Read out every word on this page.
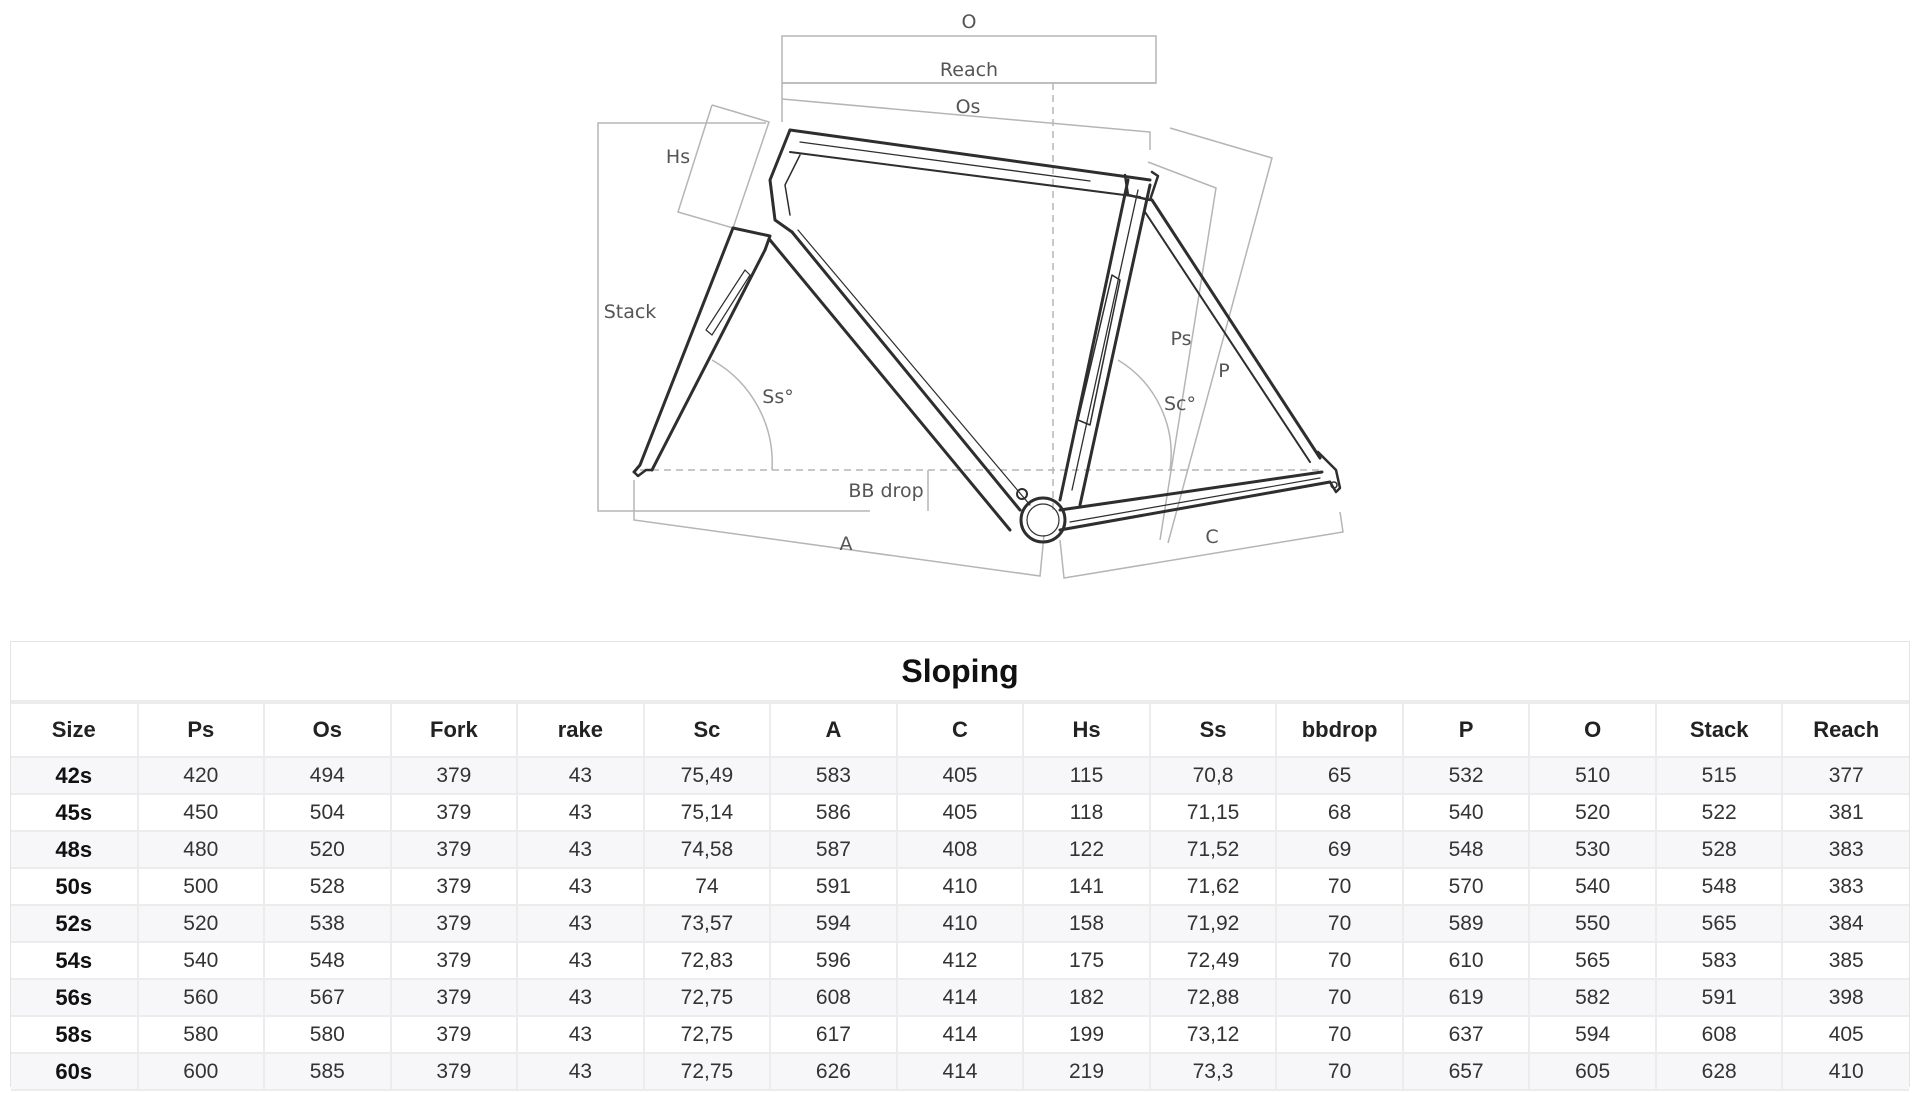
O
Reach
Os
Hs
Stack
Ss°
Ps
P
Sc°
BB drop
A	C
Sloping														
Size	Ps	Os	Fork	rake	Sc	A	C	Hs	Ss	bbdrop	P	O	Stack	Reach
42s	420	494	379	43	75,49	583	405	115	70,8	65	532	510	515	377
45s	450	504	379	43	75,14	586	405	118	71,15	68	540	520	522	381
48s	480	520	379	43	74,58	587	408	122	71,52	69	548	530	528	383
50s	500	528	379	43	74	591	410	141	71,62	70	570	540	548	383
52s	520	538	379	43	73,57	594	410	158	71,92	70	589	550	565	384
54s	540	548	379	43	72,83	596	412	175	72,49	70	610	565	583	385
56s	560	567	379	43	72,75	608	414	182	72,88	70	619	582	591	398
58s	580	580	379	43	72,75	617	414	199	73,12	70	637	594	608	405
60s	600	585	379	43	72,75	626	414	219	73,3	70	657	605	628	410
